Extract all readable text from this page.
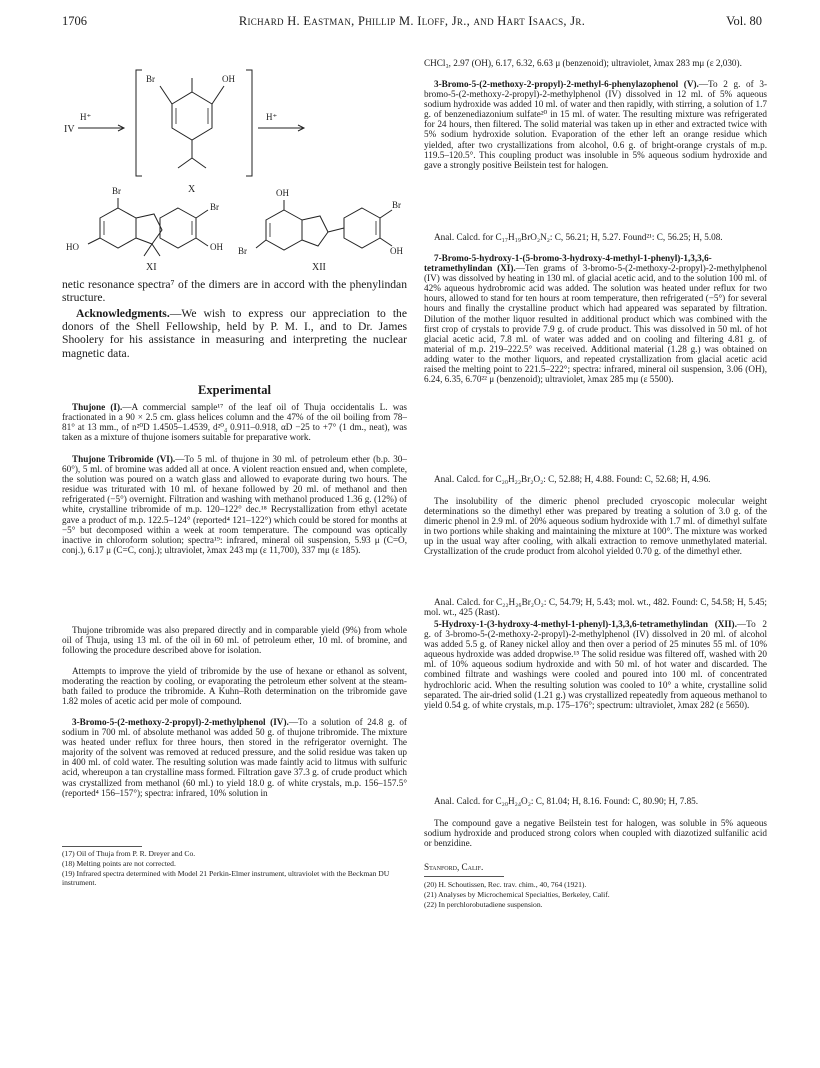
1706	Richard H. Eastman, Phillip M. Iloff, Jr., and Hart Isaacs, Jr.	Vol. 80
IV
H⁺
Br	OH
H⁺
X
Br
Br
OH
HO
XI
OH
Br
Br
OH
XII

netic resonance spectra⁷ of the dimers are in accord with the phenylindan structure.

Acknowledgments.—We wish to express our appreciation to the donors of the Shell Fellowship, held by P. M. I., and to Dr. James Shoolery for his assistance in measuring and interpreting the nuclear magnetic data.

Experimental

Thujone (I).—A commercial sample¹⁷ of the leaf oil of Thuja occidentalis L. was fractionated in a 90 × 2.5 cm. glass helices column and the 47% of the oil boiling from 78–81° at 13 mm., of n²⁰D 1.4505–1.4539, d²⁰₄ 0.911–0.918, αD −25 to +7° (1 dm., neat), was taken as a mixture of thujone isomers suitable for preparative work.

Thujone Tribromide (VI).—To 5 ml. of thujone in 30 ml. of petroleum ether (b.p. 30–60°), 5 ml. of bromine was added all at once. A violent reaction ensued and, when complete, the solution was poured on a watch glass and allowed to evaporate during two hours. The residue was triturated with 10 ml. of hexane followed by 20 ml. of methanol and then refrigerated (−5°) overnight. Filtration and washing with methanol produced 1.36 g. (12%) of white, crystalline tribromide of m.p. 120–122° dec.¹⁸ Recrystallization from ethyl acetate gave a product of m.p. 122.5–124° (reported⁴ 121–122°) which could be stored for months at −5° but decomposed within a week at room temperature. The compound was optically inactive in chloroform solution; spectra¹⁹: infrared, mineral oil suspension, 5.93 μ (C=O, conj.), 6.17 μ (C=C, conj.); ultraviolet, λmax 243 mμ (ε 11,700), 337 mμ (ε 185).

Thujone tribromide was also prepared directly and in comparable yield (9%) from whole oil of Thuja, using 13 ml. of the oil in 60 ml. of petroleum ether, 10 ml. of bromine, and following the procedure described above for isolation.

Attempts to improve the yield of tribromide by the use of hexane or ethanol as solvent, moderating the reaction by cooling, or evaporating the petroleum ether solvent at the steam-bath failed to produce the tribromide. A Kuhn–Roth determination on the tribromide gave 1.82 moles of acetic acid per mole of compound.

3-Bromo-5-(2-methoxy-2-propyl)-2-methylphenol (IV).—To a solution of 24.8 g. of sodium in 700 ml. of absolute methanol was added 50 g. of thujone tribromide. The mixture was heated under reflux for three hours, then stored in the refrigerator overnight. The majority of the solvent was removed at reduced pressure, and the solid residue was taken up in 400 ml. of cold water. The resulting solution was made faintly acid to litmus with sulfuric acid, whereupon a tan crystalline mass formed. Filtration gave 37.3 g. of crude product which was crystallized from methanol (60 ml.) to yield 18.0 g. of white crystals, m.p. 156–157.5° (reported⁴ 156–157°); spectra: infrared, 10% solution in

(17) Oil of Thuja from P. R. Dreyer and Co.

(18) Melting points are not corrected.

(19) Infrared spectra determined with Model 21 Perkin-Elmer instrument, ultraviolet with the Beckman DU instrument.

CHCl₃, 2.97 (OH), 6.17, 6.32, 6.63 μ (benzenoid); ultraviolet, λmax 283 mμ (ε 2,030).

3-Bromo-5-(2-methoxy-2-propyl)-2-methyl-6-phenylazophenol (V).—To 2 g. of 3-bromo-5-(2-methoxy-2-propyl)-2-methylphenol (IV) dissolved in 12 ml. of 5% aqueous sodium hydroxide was added 10 ml. of water and then rapidly, with stirring, a solution of 1.7 g. of benzenediazonium sulfate²⁰ in 15 ml. of water. The resulting mixture was refrigerated for 24 hours, then filtered. The solid material was taken up in ether and extracted twice with 5% sodium hydroxide solution. Evaporation of the ether left an orange residue which yielded, after two crystallizations from alcohol, 0.6 g. of bright-orange crystals of m.p. 119.5–120.5°. This coupling product was insoluble in 5% aqueous sodium hydroxide and gave a strongly positive Beilstein test for halogen.

Anal. Calcd. for C₁₇H₁₉BrO₂N₂: C, 56.21; H, 5.27. Found²¹: C, 56.25; H, 5.08.

7-Bromo-5-hydroxy-1-(5-bromo-3-hydroxy-4-methyl-1-phenyl)-1,3,3,6-tetramethylindan (XI).—Ten grams of 3-bromo-5-(2-methoxy-2-propyl)-2-methylphenol (IV) was dissolved by heating in 130 ml. of glacial acetic acid, and to the solution 100 ml. of 42% aqueous hydrobromic acid was added. The solution was heated under reflux for two hours, allowed to stand for ten hours at room temperature, then refrigerated (−5°) for several hours and finally the crystalline product which had appeared was separated by filtration. Dilution of the mother liquor resulted in additional product which was combined with the first crop of crystals to provide 7.9 g. of crude product. This was dissolved in 50 ml. of hot glacial acetic acid, 7.8 ml. of water was added and on cooling and filtering 4.81 g. of material of m.p. 219–222.5° was received. Additional material (1.28 g.) was obtained on adding water to the mother liquors, and repeated crystallization from glacial acetic acid raised the melting point to 221.5–222°; spectra: infrared, mineral oil suspension, 3.06 (OH), 6.24, 6.35, 6.70²² μ (benzenoid); ultraviolet, λmax 285 mμ (ε 5500).

Anal. Calcd. for C₂₀H₂₂Br₂O₂: C, 52.88; H, 4.88. Found: C, 52.68; H, 4.96.

The insolubility of the dimeric phenol precluded cryoscopic molecular weight determinations so the dimethyl ether was prepared by treating a solution of 3.0 g. of the dimeric phenol in 2.9 ml. of 20% aqueous sodium hydroxide with 1.7 ml. of dimethyl sulfate in two portions while shaking and maintaining the mixture at 100°. The mixture was worked up in the usual way after cooling, with alkali extraction to remove unmethylated material. Crystallization of the crude product from alcohol yielded 0.70 g. of the dimethyl ether.

Anal. Calcd. for C₂₂H₂₆Br₂O₂: C, 54.79; H, 5.43; mol. wt., 482. Found: C, 54.58; H, 5.45; mol. wt., 425 (Rast).

5-Hydroxy-1-(3-hydroxy-4-methyl-1-phenyl)-1,3,3,6-tetramethylindan (XII).—To 2 g. of 3-bromo-5-(2-methoxy-2-propyl)-2-methylphenol (IV) dissolved in 20 ml. of alcohol was added 5.5 g. of Raney nickel alloy and then over a period of 25 minutes 55 ml. of 10% aqueous hydroxide was added dropwise.¹⁵ The solid residue was filtered off, washed with 20 ml. of 10% aqueous sodium hydroxide and with 50 ml. of hot water and discarded. The combined filtrate and washings were cooled and poured into 100 ml. of concentrated hydrochloric acid. When the resulting solution was cooled to 10° a white, crystalline solid separated. The air-dried solid (1.21 g.) was crystallized repeatedly from aqueous methanol to yield 0.54 g. of white crystals, m.p. 175–176°; spectrum: ultraviolet, λmax 282 (ε 5650).

Anal. Calcd. for C₂₀H₂₄O₂: C, 81.04; H, 8.16. Found: C, 80.90; H, 7.85.

The compound gave a negative Beilstein test for halogen, was soluble in 5% aqueous sodium hydroxide and produced strong colors when coupled with diazotized sulfanilic acid or benzidine.

Stanford, Calif.

(20) H. Schoutissen, Rec. trav. chim., 40, 764 (1921).

(21) Analyses by Microchemical Specialties, Berkeley, Calif.

(22) In perchlorobutadiene suspension.
